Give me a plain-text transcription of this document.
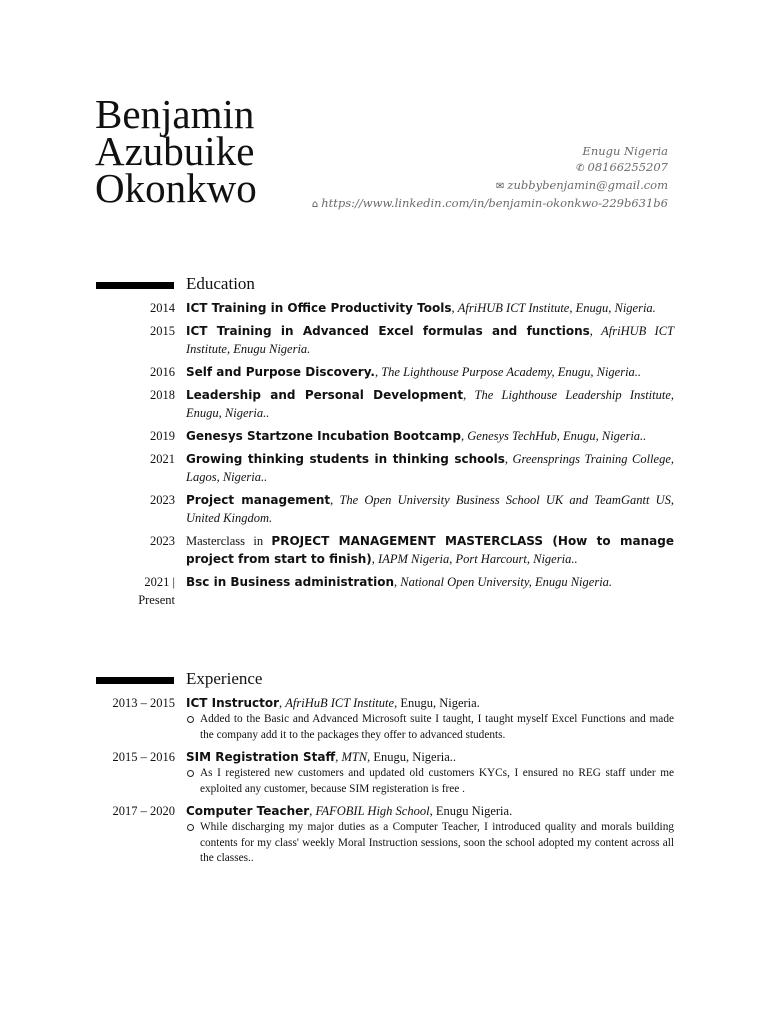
Benjamin
Azubuike
Okonkwo
Enugu Nigeria
✆ 08166255207
✉ zubbybenjamin@gmail.com
⌂ https://www.linkedin.com/in/benjamin-okonkwo-229b631b6
Education
2014 ICT Training in Office Productivity Tools, AfriHUB ICT Institute, Enugu, Nigeria.
2015 ICT Training in Advanced Excel formulas and functions, AfriHUB ICT Institute, Enugu Nigeria.
2016 Self and Purpose Discovery., The Lighthouse Purpose Academy, Enugu, Nigeria..
2018 Leadership and Personal Development, The Lighthouse Leadership Institute, Enugu, Nigeria..
2019 Genesys Startzone Incubation Bootcamp, Genesys TechHub, Enugu, Nigeria..
2021 Growing thinking students in thinking schools, Greensprings Training College, Lagos, Nigeria..
2023 Project management, The Open University Business School UK and TeamGantt US, United Kingdom.
2023 Masterclass in PROJECT MANAGEMENT MASTERCLASS (How to manage project from start to finish), IAPM Nigeria, Port Harcourt, Nigeria..
2021 |
Present
Bsc in Business administration, National Open University, Enugu Nigeria.
Experience
2013 – 2015 ICT Instructor, AfriHuB ICT Institute, Enugu, Nigeria.
Added to the Basic and Advanced Microsoft suite I taught, I taught myself Excel Functions and made the company add it to the packages they offer to advanced students.
2015 – 2016 SIM Registration Staff, MTN, Enugu, Nigeria..
As I registered new customers and updated old customers KYCs, I ensured no REG staff under me exploited any customer, because SIM registeration is free .
2017 – 2020 Computer Teacher, FAFOBIL High School, Enugu Nigeria.
While discharging my major duties as a Computer Teacher, I introduced quality and morals building contents for my class' weekly Moral Instruction sessions, soon the school adopted my content across all the classes..
